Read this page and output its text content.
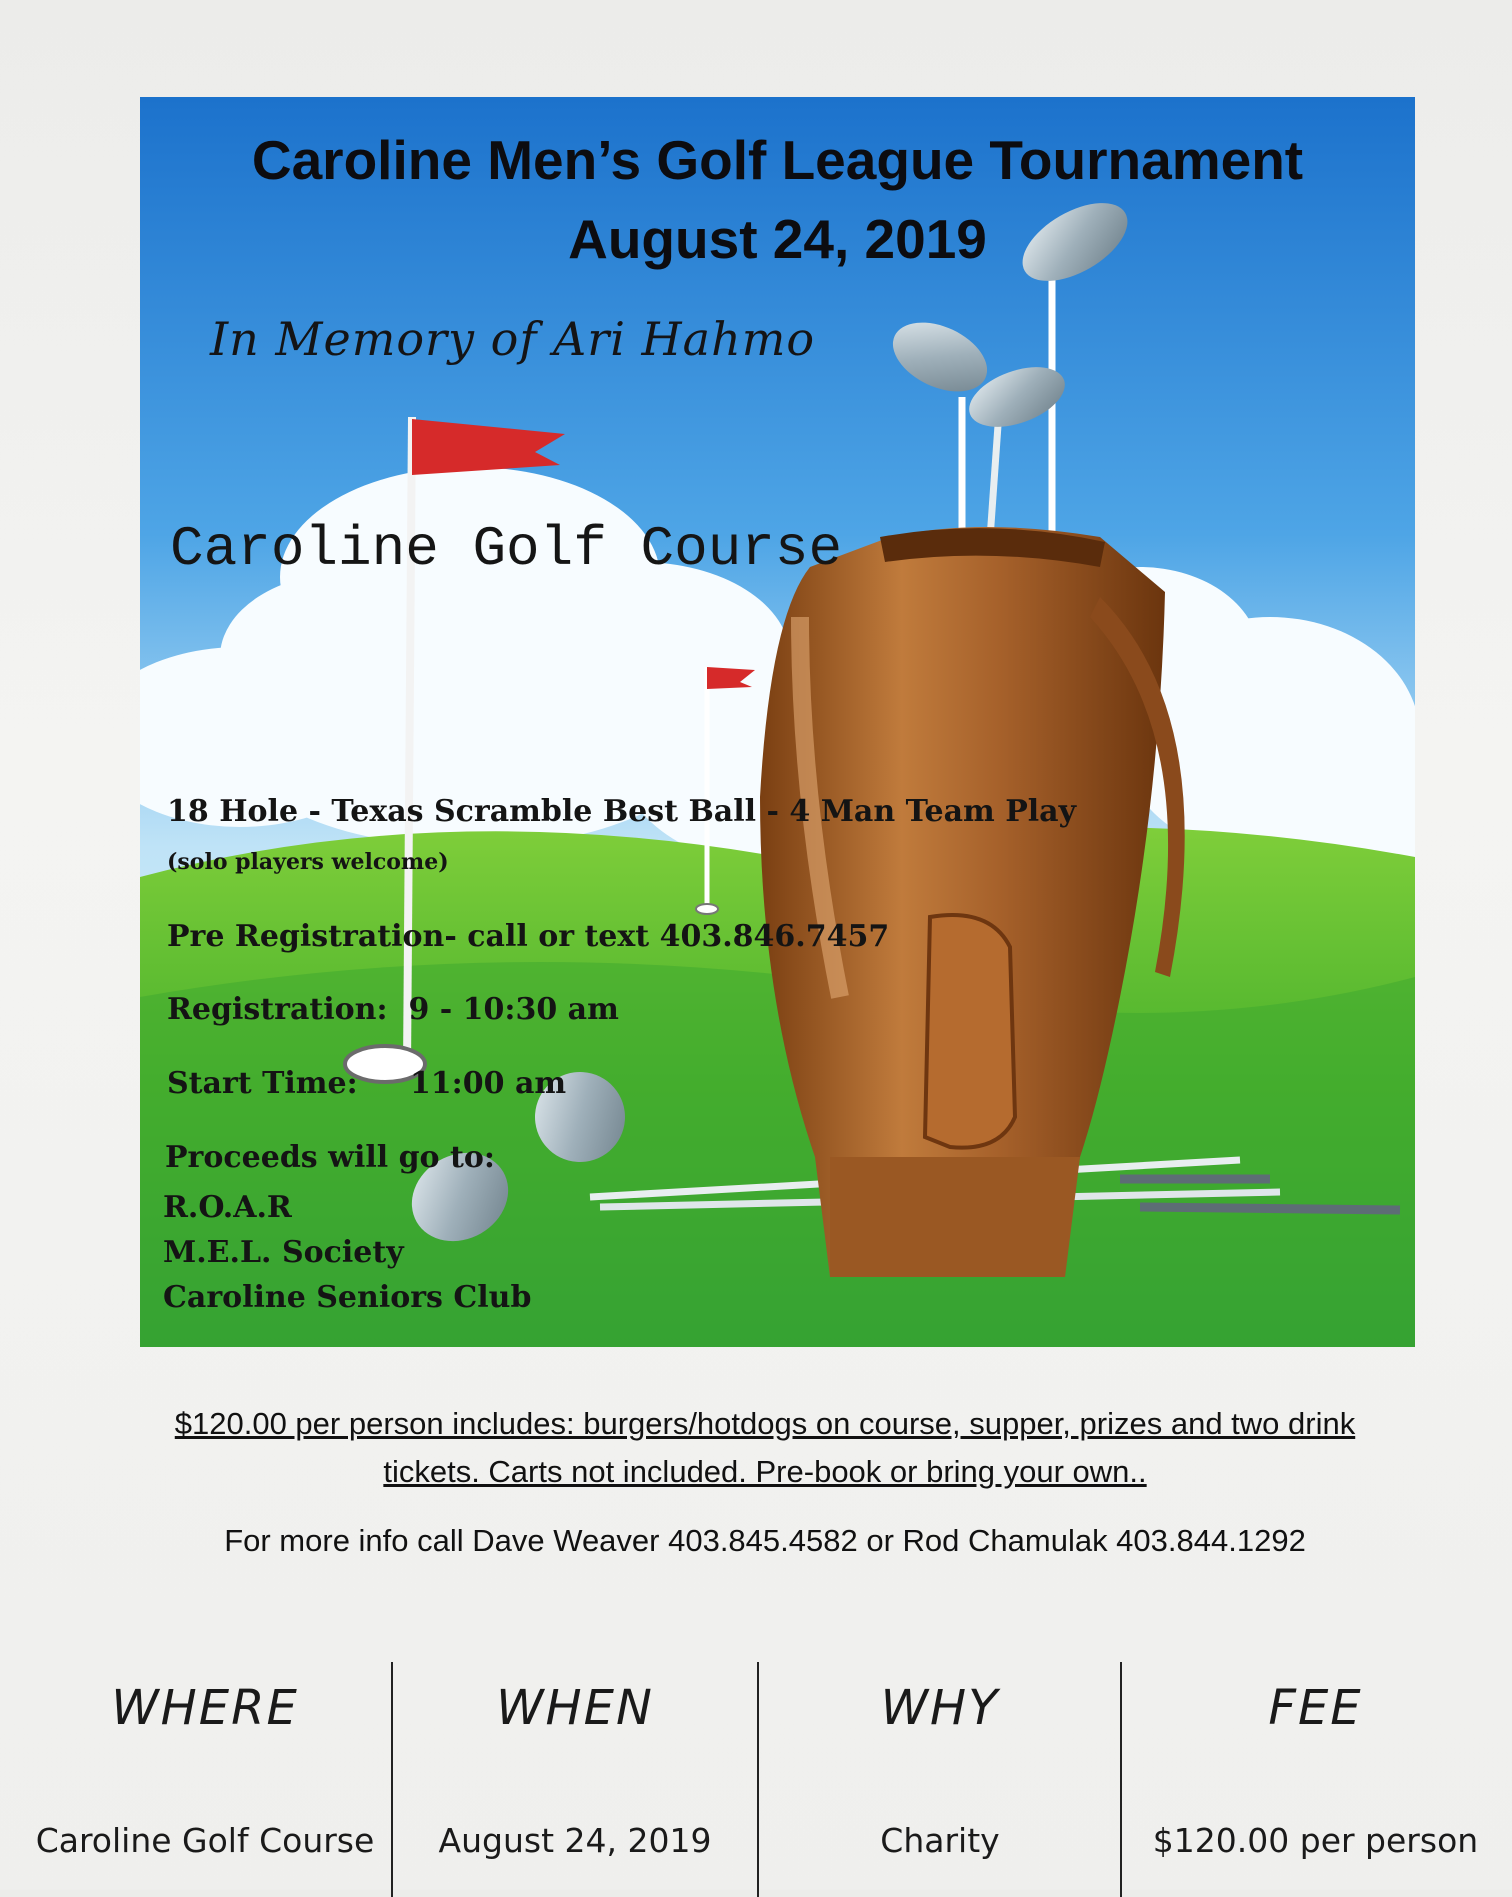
Caroline Men’s Golf League Tournament
August 24, 2019
In Memory of Ari Hahmo
Caroline Golf Course
18 Hole - Texas Scramble Best Ball - 4 Man Team Play
(solo players welcome)
Pre Registration- call or text 403.846.7457
Registration: 9 - 10:30 am
Start Time: 11:00 am
Proceeds will go to:
R.O.A.R
M.E.L. Society
Caroline Seniors Club
$120.00 per person includes: burgers/hotdogs on course, supper, prizes and two drink
tickets. Carts not included. Pre-book or bring your own..
For more info call Dave Weaver 403.845.4582 or Rod Chamulak 403.844.1292
WHERE
Caroline Golf Course
WHEN
August 24, 2019
WHY
Charity
FEE
$120.00 per person
